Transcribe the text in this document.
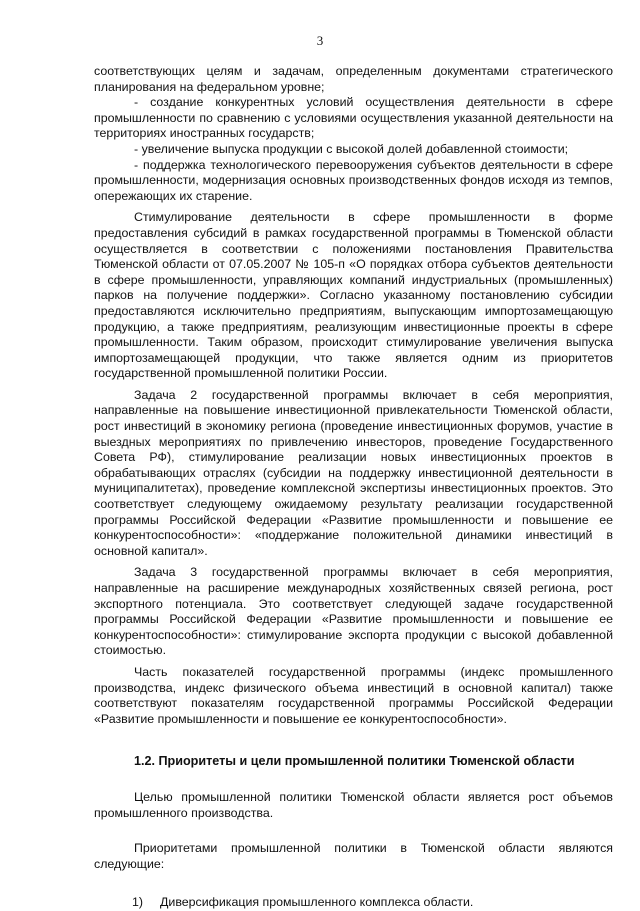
3

соответствующих целям и задачам, определенным документами стратегического планирования на федеральном уровне;

- создание конкурентных условий осуществления деятельности в сфере промышленности по сравнению с условиями осуществления указанной деятельности на территориях иностранных государств;

- увеличение выпуска продукции с высокой долей добавленной стоимости;

- поддержка технологического перевооружения субъектов деятельности в сфере промышленности, модернизация основных производственных фондов исходя из темпов, опережающих их старение.

Стимулирование деятельности в сфере промышленности в форме предоставления субсидий в рамках государственной программы в Тюменской области осуществляется в соответствии с положениями постановления Правительства Тюменской области от 07.05.2007 № 105-п «О порядках отбора субъектов деятельности в сфере промышленности, управляющих компаний индустриальных (промышленных) парков на получение поддержки». Согласно указанному постановлению субсидии предоставляются исключительно предприятиям, выпускающим импортозамещающую продукцию, а также предприятиям, реализующим инвестиционные проекты в сфере промышленности. Таким образом, происходит стимулирование увеличения выпуска импортозамещающей продукции, что также является одним из приоритетов государственной промышленной политики России.

Задача 2 государственной программы включает в себя мероприятия, направленные на повышение инвестиционной привлекательности Тюменской области, рост инвестиций в экономику региона (проведение инвестиционных форумов, участие в выездных мероприятиях по привлечению инвесторов, проведение Государственного Совета РФ), стимулирование реализации новых инвестиционных проектов в обрабатывающих отраслях (субсидии на поддержку инвестиционной деятельности в муниципалитетах), проведение комплексной экспертизы инвестиционных проектов. Это соответствует следующему ожидаемому результату реализации государственной программы Российской Федерации «Развитие промышленности и повышение ее конкурентоспособности»: «поддержание положительной динамики инвестиций в основной капитал».

Задача 3 государственной программы включает в себя мероприятия, направленные на расширение международных хозяйственных связей региона, рост экспортного потенциала. Это соответствует следующей задаче государственной программы Российской Федерации «Развитие промышленности и повышение ее конкурентоспособности»: стимулирование экспорта продукции с высокой добавленной стоимостью.

Часть показателей государственной программы (индекс промышленного производства, индекс физического объема инвестиций в основной капитал) также соответствуют показателям государственной программы Российской Федерации «Развитие промышленности и повышение ее конкурентоспособности».

1.2. Приоритеты и цели промышленной политики Тюменской области

Целью промышленной политики Тюменской области является рост объемов промышленного производства.

Приоритетами промышленной политики в Тюменской области являются следующие:

1) Диверсификация промышленного комплекса области.
